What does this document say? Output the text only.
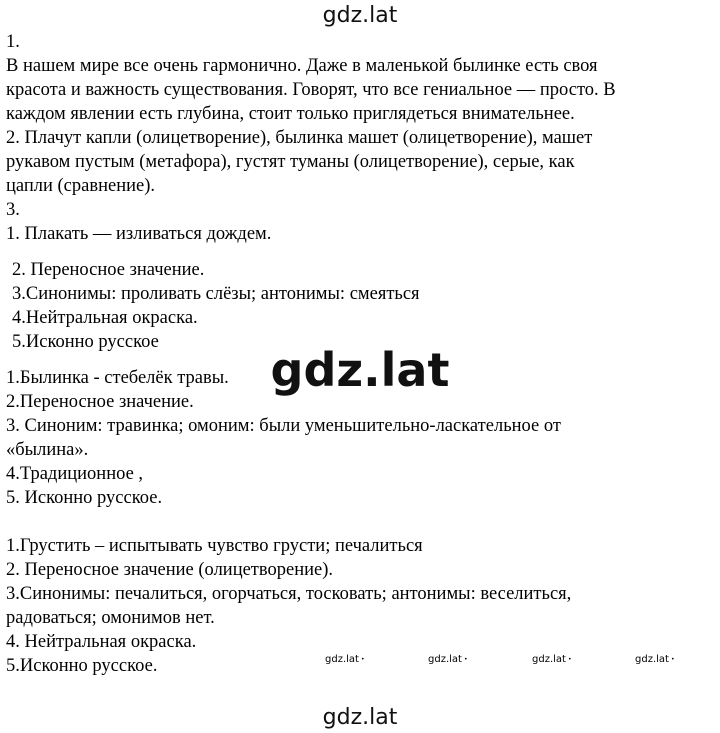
gdz.lat
1.
В нашем мире все очень гармонично. Даже в маленькой былинке есть своя
красота и важность существования. Говорят, что все гениальное — просто. В
каждом явлении есть глубина, стоит только приглядеться внимательнее.
2. Плачут капли (олицетворение), былинка машет (олицетворение), машет
рукавом пустым (метафора), густят туманы (олицетворение), серые, как
цапли (сравнение).
3.
1. Плакать — изливаться дождем.
2. Переносное значение.
3.Синонимы: проливать слёзы; антонимы: смеяться
4.Нейтральная окраска.
5.Исконно русское
1.Былинка - стебелёк травы.
2.Переносное значение.
3. Синоним: травинка; омоним: были уменьшительно-ласкательное от
«былина».
4.Традиционное ,
5. Исконно русское.
1.Грустить – испытывать чувство грусти; печалиться
2. Переносное значение (олицетворение).
3.Синонимы: печалиться, огорчаться, тосковать; антонимы: веселиться,
радоваться; омонимов нет.
4. Нейтральная окраска.
5.Исконно русское.
gdz.lat
gdz.lat •	gdz.lat •	gdz.lat •	gdz.lat •
gdz.lat
